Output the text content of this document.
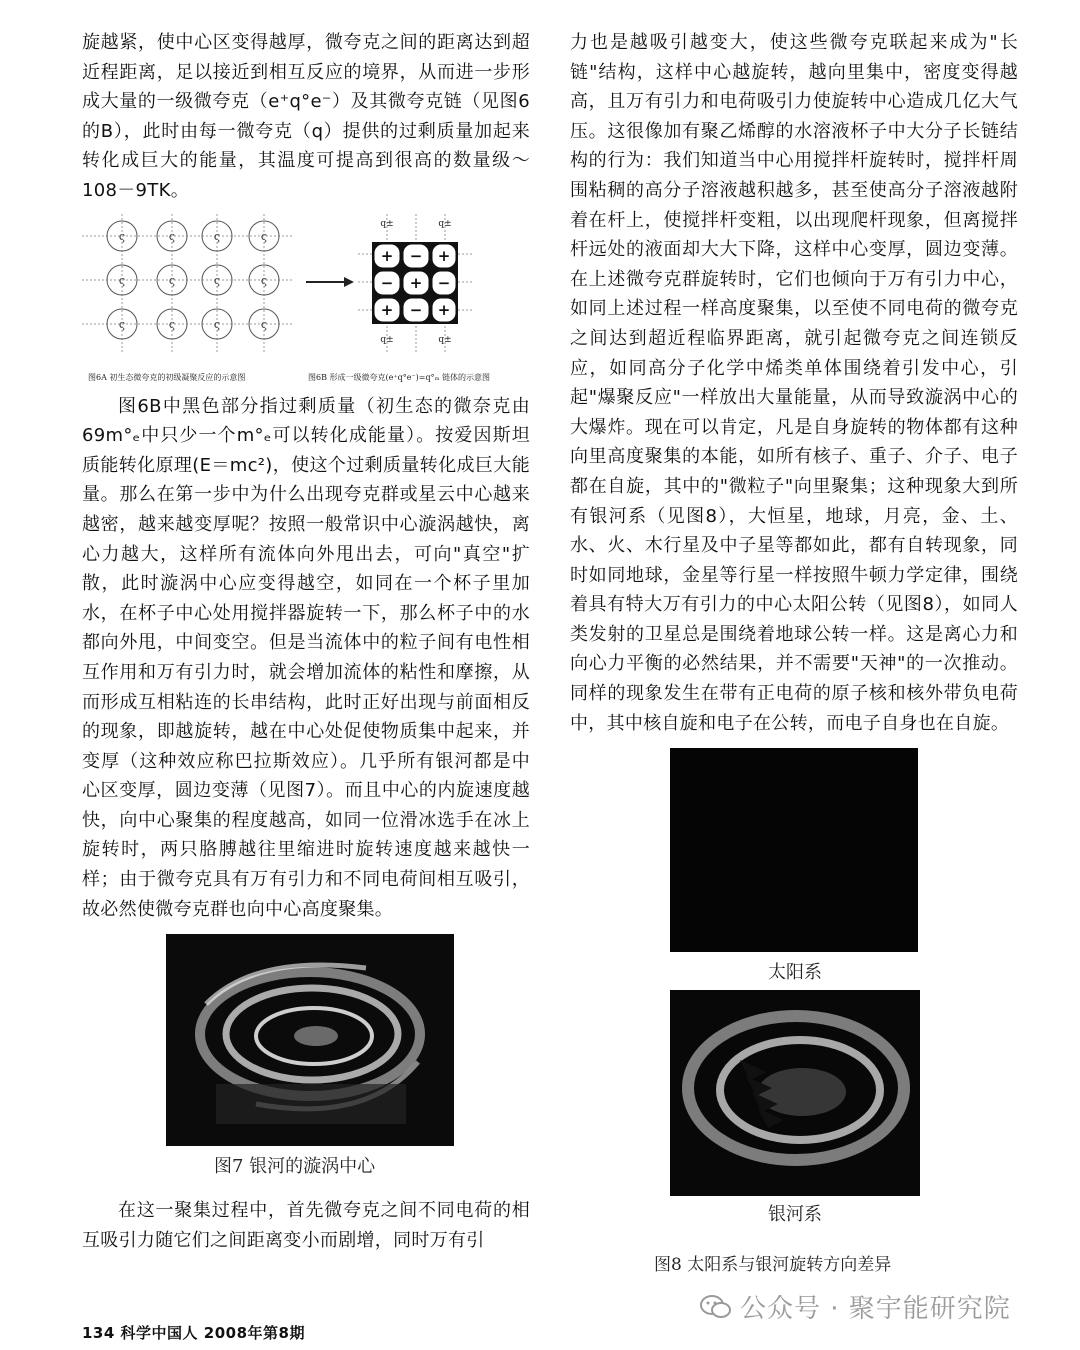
旋越紧，使中心区变得越厚，微夸克之间的距离达到超近程距离，足以接近到相互反应的境界，从而进一步形成大量的一级微夸克（e⁺q°e⁻）及其微夸克链（见图6的B），此时由每一微夸克（q）提供的过剩质量加起来转化成巨大的能量，其温度可提高到很高的数量级～108－9TK。

ς	ς	ς	ς
ς	ς	ς	ς
ς	ς	ς	ς
+ − +
− + −
+ − +
q±	q±
q±	q±
图6A 初生态微夸克的初级凝聚反应的示意图	图6B 形成一级微夸克(e⁺q°e⁻)=q°ₘ 链体的示意图

图6B中黑色部分指过剩质量（初生态的微奈克由69m°ₑ中只少一个m°ₑ可以转化成能量）。按爱因斯坦质能转化原理(E＝mc²)，使这个过剩质量转化成巨大能量。那么在第一步中为什么出现夸克群或星云中心越来越密，越来越变厚呢？按照一般常识中心漩涡越快，离心力越大，这样所有流体向外甩出去，可向"真空"扩散，此时漩涡中心应变得越空，如同在一个杯子里加水，在杯子中心处用搅拌器旋转一下，那么杯子中的水都向外甩，中间变空。但是当流体中的粒子间有电性相互作用和万有引力时，就会增加流体的粘性和摩擦，从而形成互相粘连的长串结构，此时正好出现与前面相反的现象，即越旋转，越在中心处促使物质集中起来，并变厚（这种效应称巴拉斯效应）。几乎所有银河都是中心区变厚，圆边变薄（见图7）。而且中心的内旋速度越快，向中心聚集的程度越高，如同一位滑冰选手在冰上旋转时，两只胳膊越往里缩进时旋转速度越来越快一样；由于微夸克具有万有引力和不同电荷间相互吸引，故必然使微夸克群也向中心高度聚集。

图7 银河的漩涡中心

在这一聚集过程中，首先微夸克之间不同电荷的相互吸引力随它们之间距离变小而剧增，同时万有引

力也是越吸引越变大，使这些微夸克联起来成为"长链"结构，这样中心越旋转，越向里集中，密度变得越高，且万有引力和电荷吸引力使旋转中心造成几亿大气压。这很像加有聚乙烯醇的水溶液杯子中大分子长链结构的行为：我们知道当中心用搅拌杆旋转时，搅拌杆周围粘稠的高分子溶液越积越多，甚至使高分子溶液越附着在杆上，使搅拌杆变粗，以出现爬杆现象，但离搅拌杆远处的液面却大大下降，这样中心变厚，圆边变薄。在上述微夸克群旋转时，它们也倾向于万有引力中心，如同上述过程一样高度聚集，以至使不同电荷的微夸克之间达到超近程临界距离，就引起微夸克之间连锁反应，如同高分子化学中烯类单体围绕着引发中心，引起"爆聚反应"一样放出大量能量，从而导致漩涡中心的大爆炸。现在可以肯定，凡是自身旋转的物体都有这种向里高度聚集的本能，如所有核子、重子、介子、电子都在自旋，其中的"微粒子"向里聚集；这种现象大到所有银河系（见图8），大恒星，地球，月亮，金、土、水、火、木行星及中子星等都如此，都有自转现象，同时如同地球，金星等行星一样按照牛顿力学定律，围绕着具有特大万有引力的中心太阳公转（见图8），如同人类发射的卫星总是围绕着地球公转一样。这是离心力和向心力平衡的必然结果，并不需要"天神"的一次推动。同样的现象发生在带有正电荷的原子核和核外带负电荷中，其中核自旋和电子在公转，而电子自身也在自旋。

太阳系
银河系
图8 太阳系与银河旋转方向差异
134 科学中国人 2008年第8期
公众号 · 聚宇能研究院
